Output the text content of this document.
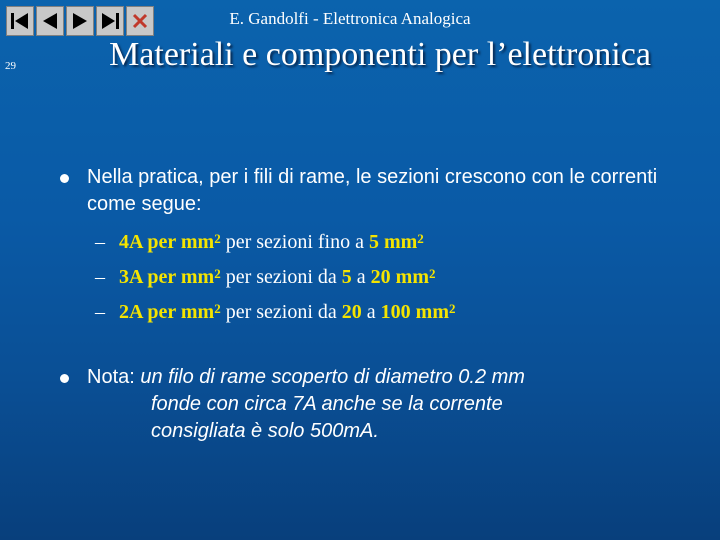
E. Gandolfi - Elettronica Analogica
29	Materiali e componenti per l’elettronica
Nella pratica, per i fili di rame, le sezioni crescono con le correnti come segue:
– 4A per $mm^2$ per sezioni fino a 5 $mm^2$
– 3A per $mm^2$ per sezioni da 5 a 20 $mm^2$
– 2A per $mm^2$ per sezioni da 20 a 100 $mm^2$
Nota: un filo di rame scoperto di diametro 0.2 mm
fonde con circa 7A anche se la corrente
consigliata è solo 500mA.
